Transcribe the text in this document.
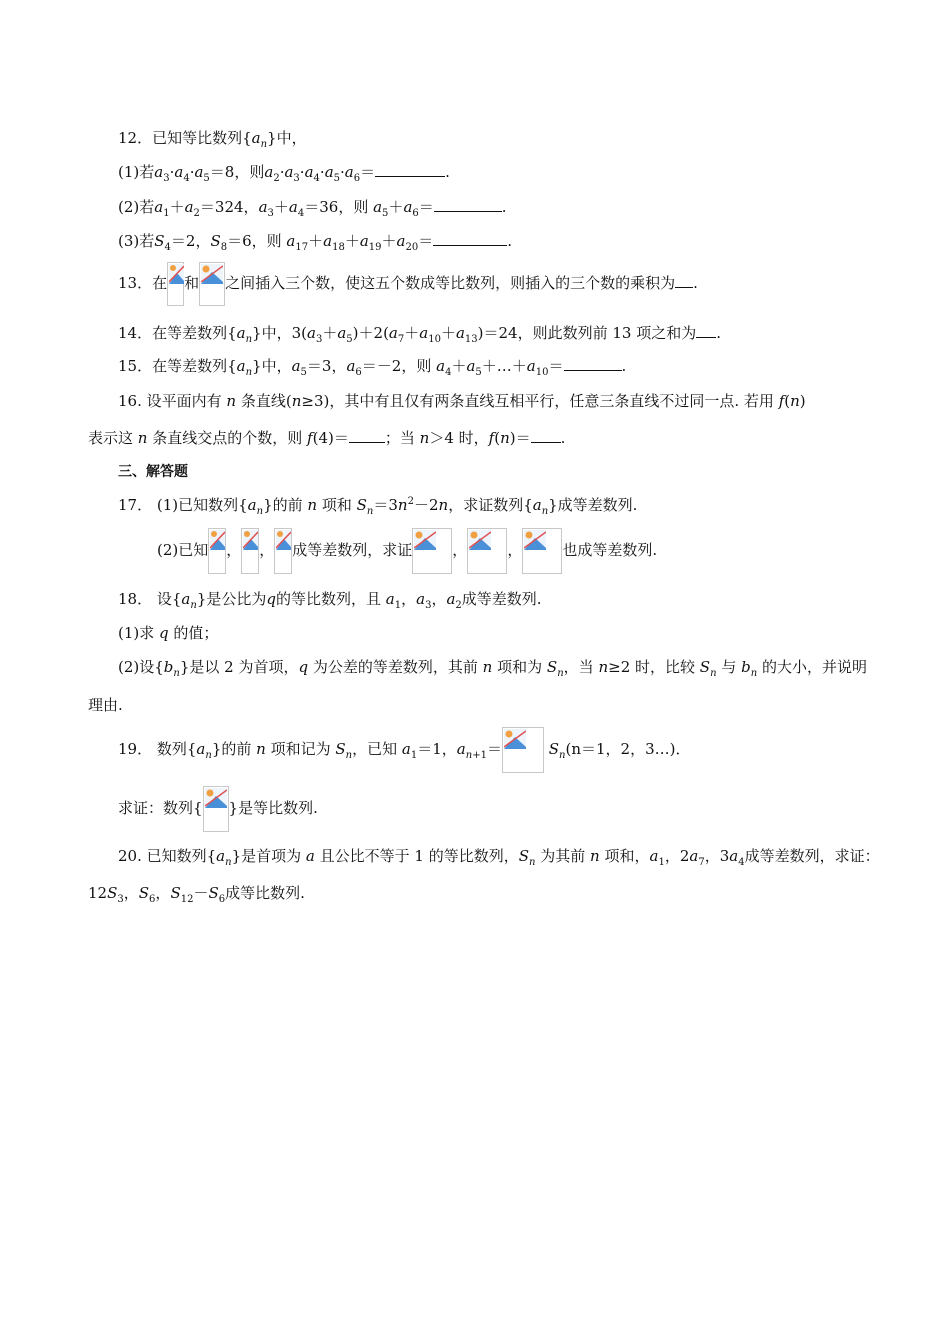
12．已知等比数列$\{a_n\}$中，
(1)若$a_3\cdot a_4\cdot a_5=8$，则$a_2\cdot a_3\cdot a_4\cdot a_5\cdot a_6=$	.
(2)若$a_1+a_2=324$，$a_3+a_4=36$，则 $a_5+a_6=$	.
(3)若$S_4=2$，$S_8=6$，则 $a_{17}+a_{18}+a_{19}+a_{20}=$	.
13．在 和 之间插入三个数，使这五个数成等比数列，则插入的三个数的乘积为 .
14．在等差数列$\{a_n\}$中，$3(a_3+a_5)+2(a_7+a_{10}+a_{13})=24$，则此数列前 13 项之和为 .
15．在等差数列$\{a_n\}$中，$a_5=3$，$a_6=-2$，则 $a_4+a_5+\dots+a_{10}=$	.
16. 设平面内有 n 条直线(n≥3)，其中有且仅有两条直线互相平行，任意三条直线不过同一点. 若用 f(n)
表示这 n 条直线交点的个数，则 f(4)＝ ；当 n＞4 时，f(n)＝ .
三、解答题
17． (1)已知数列$\{a_n\}$的前 n 项和 $S_n=3n^2-2n$，求证数列$\{a_n\}$成等差数列.
(2)已知 ， ， 成等差数列，求证	，	，	也成等差数列.
18． 设$\{a_n\}$是公比为q的等比数列，且 $a_1$，$a_3$，$a_2$成等差数列.
(1)求 q 的值；
(2)设$\{b_n\}$是以 2 为首项，q 为公差的等差数列，其前 n 项和为 $S_n$，当 n≥2 时，比较 $S_n$ 与 $b_n$ 的大小，并说明
理由.
19． 数列$\{a_n\}$的前 n 项和记为 $S_n$，已知 $a_1=1$，$a_{n+1}=$	$S_n(n=1$，2，3…)．
求证：数列{ }是等比数列.
20. 已知数列$\{a_n\}$是首项为 a 且公比不等于 1 的等比数列，$S_n$ 为其前 n 项和，$a_1$，$2a_7$，$3a_4$成等差数列，求证：
$12S_3$，$S_6$，$S_{12}-S_6$成等比数列.
